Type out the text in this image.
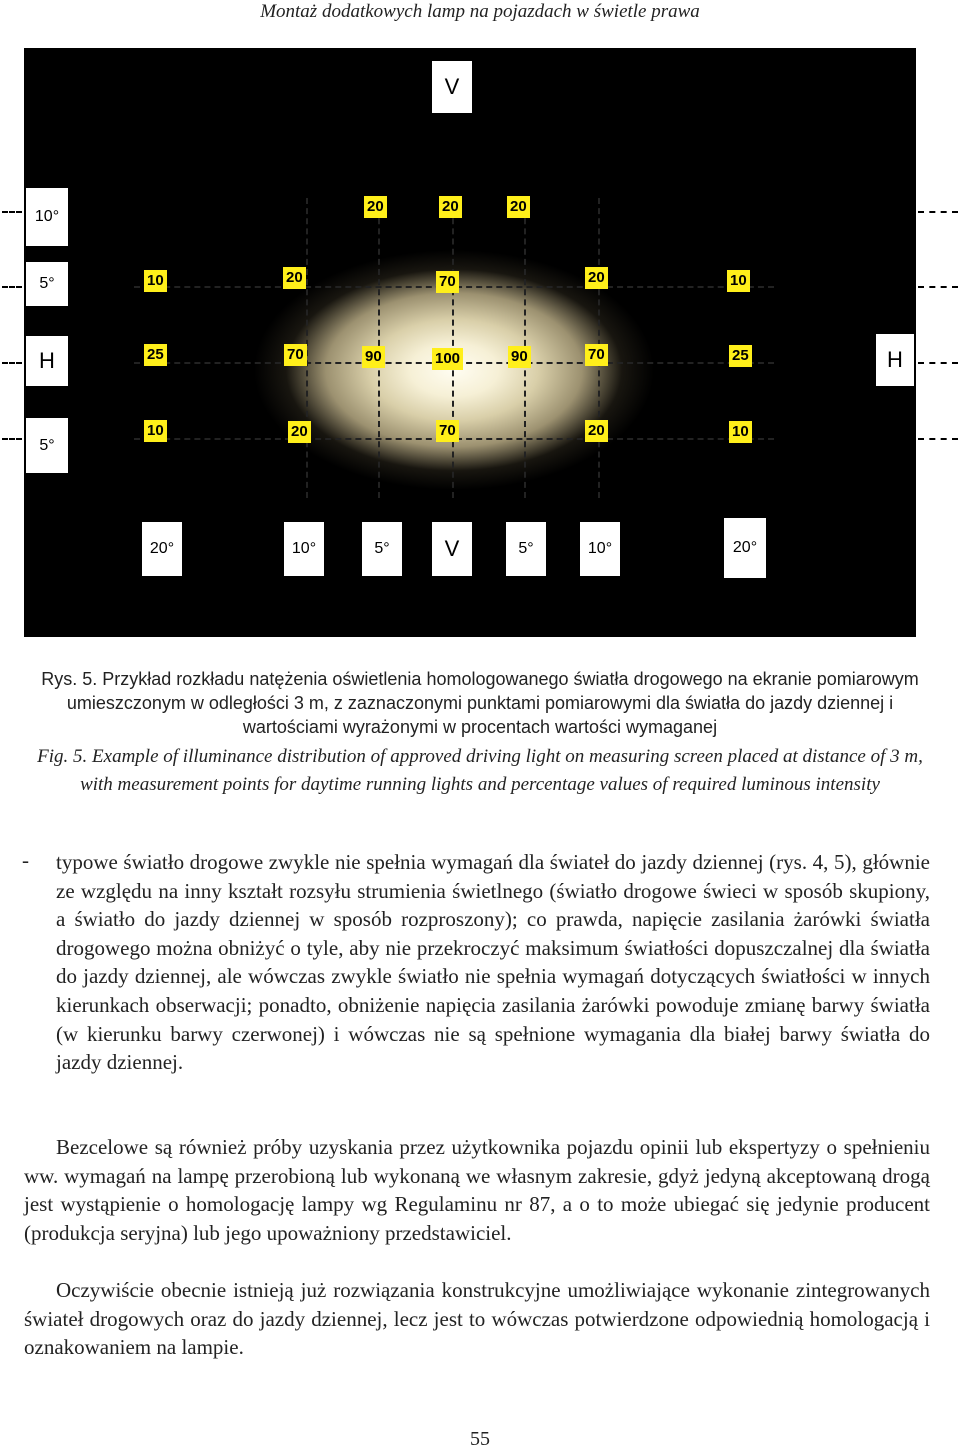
Montaż dodatkowych lamp na pojazdach w świetle prawa
V
10°
5°
H	H
5°
20°	10°	5°	V	5°	10°	20°
20	20	20
10	20	70	20	10
25	70	90	100	90	70	25
10	20	70	20	10
Rys. 5. Przykład rozkładu natężenia oświetlenia homologowanego światła drogowego na ekranie pomiarowym umieszczonym w odległości 3 m, z zaznaczonymi punktami pomiarowymi dla światła do jazdy dziennej i wartościami wyrażonymi w procentach wartości wymaganej
Fig. 5. Example of illuminance distribution of approved driving light on measuring screen placed at distance of 3 m, with measurement points for daytime running lights and percentage values of required luminous intensity
- typowe światło drogowe zwykle nie spełnia wymagań dla świateł do jazdy dziennej (rys. 4, 5), głównie ze względu na inny kształt rozsyłu strumienia świetlnego (światło drogowe świeci w sposób skupiony, a światło do jazdy dziennej w sposób rozproszony); co prawda, napięcie zasilania żarówki światła drogowego można obniżyć o tyle, aby nie przekroczyć maksimum światłości dopuszczalnej dla światła do jazdy dziennej, ale wówczas zwykle światło nie spełnia wymagań dotyczących światłości w innych kierunkach obserwacji; ponadto, obniżenie napięcia zasilania żarówki powoduje zmianę barwy światła (w kierunku barwy czerwonej) i wówczas nie są spełnione wymagania dla białej barwy światła do jazdy dziennej.
Bezcelowe są również próby uzyskania przez użytkownika pojazdu opinii lub ekspertyzy o spełnieniu ww. wymagań na lampę przerobioną lub wykonaną we własnym zakresie, gdyż jedyną akceptowaną drogą jest wystąpienie o homologację lampy wg Regulaminu nr 87, a o to może ubiegać się jedynie producent (produkcja seryjna) lub jego upoważniony przedstawiciel.
Oczywiście obecnie istnieją już rozwiązania konstrukcyjne umożliwiające wykonanie zintegrowanych świateł drogowych oraz do jazdy dziennej, lecz jest to wówczas potwierdzone odpowiednią homologacją i oznakowaniem na lampie.
55
